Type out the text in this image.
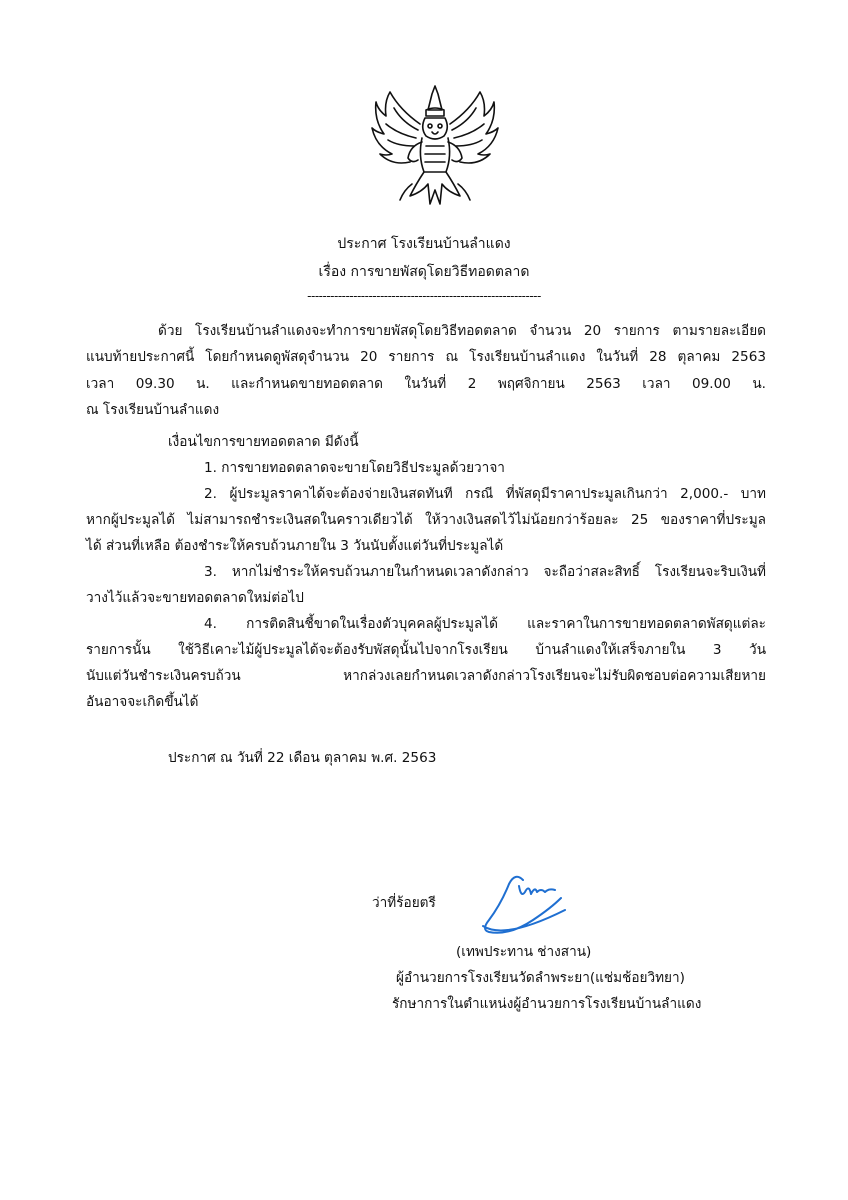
ประกาศ โรงเรียนบ้านลำแดง
เรื่อง การขายพัสดุโดยวิธีทอดตลาด
-------------------------------------------------------------
ด้วย โรงเรียนบ้านลำแดงจะทำการขายพัสดุโดยวิธีทอดตลาด จำนวน 20 รายการ ตามรายละเอียด
แนบท้ายประกาศนี้ โดยกำหนดดูพัสดุจำนวน 20 รายการ ณ โรงเรียนบ้านลำแดง ในวันที่ 28 ตุลาคม 2563
เวลา 09.30 น. และกำหนดขายทอดตลาด ในวันที่ 2 พฤศจิกายน 2563 เวลา 09.00 น.
ณ โรงเรียนบ้านลำแดง
เงื่อนไขการขายทอดตลาด มีดังนี้
1. การขายทอดตลาดจะขายโดยวิธีประมูลด้วยวาจา
2. ผู้ประมูลราคาได้จะต้องจ่ายเงินสดทันที กรณี ที่พัสดุมีราคาประมูลเกินกว่า 2,000.- บาท
หากผู้ประมูลได้ ไม่สามารถชำระเงินสดในคราวเดียวได้ ให้วางเงินสดไว้ไม่น้อยกว่าร้อยละ 25 ของราคาที่ประมูล
ได้ ส่วนที่เหลือ ต้องชำระให้ครบถ้วนภายใน 3 วันนับตั้งแต่วันที่ประมูลได้
3. หากไม่ชำระให้ครบถ้วนภายในกำหนดเวลาดังกล่าว จะถือว่าสละสิทธิ์ โรงเรียนจะริบเงินที่
วางไว้แล้วจะขายทอดตลาดใหม่ต่อไป
4. การติดสินชี้ขาดในเรื่องตัวบุคคลผู้ประมูลได้ และราคาในการขายทอดตลาดพัสดุแต่ละ
รายการนั้น ใช้วิธีเคาะไม้ผู้ประมูลได้จะต้องรับพัสดุนั้นไปจากโรงเรียน บ้านลำแดงให้เสร็จภายใน 3 วัน
นับแต่วันชำระเงินครบถ้วน หากล่วงเลยกำหนดเวลาดังกล่าวโรงเรียนจะไม่รับผิดชอบต่อความเสียหาย
อันอาจจะเกิดขึ้นได้
ประกาศ ณ วันที่ 22 เดือน ตุลาคม พ.ศ. 2563
ว่าที่ร้อยตรี
(เทพประทาน ช่างสาน)
ผู้อำนวยการโรงเรียนวัดลำพระยา(แช่มช้อยวิทยา)
รักษาการในตำแหน่งผู้อำนวยการโรงเรียนบ้านลำแดง
